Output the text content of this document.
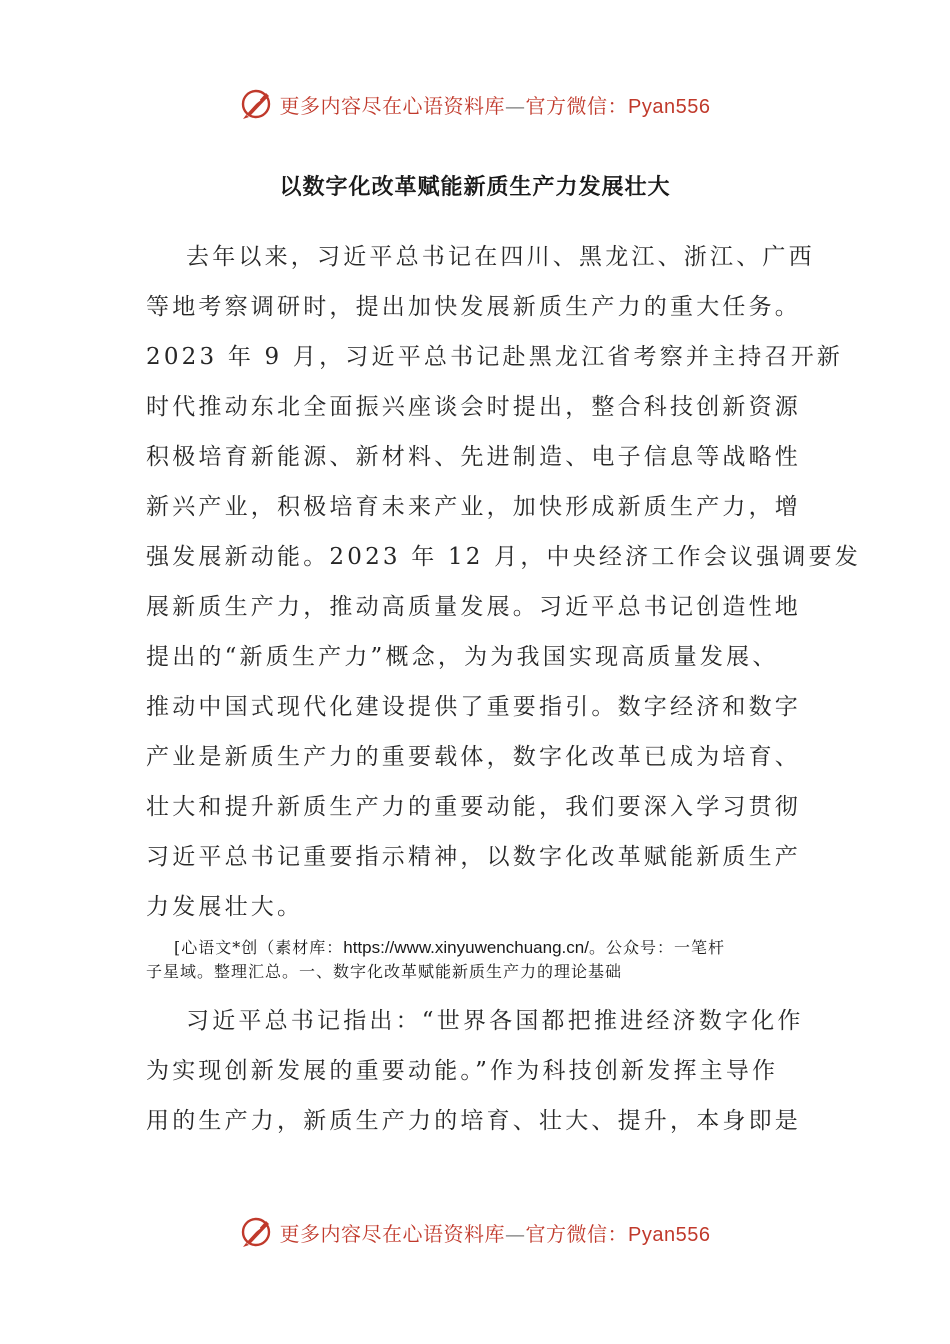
更多内容尽在心语资料库—官方微信：Pyan556
以数字化改革赋能新质生产力发展壮大
去年以来，习近平总书记在四川、黑龙江、浙江、广西
等地考察调研时，提出加快发展新质生产力的重大任务。
2023 年 9 月，习近平总书记赴黑龙江省考察并主持召开新
时代推动东北全面振兴座谈会时提出，整合科技创新资源
积极培育新能源、新材料、先进制造、电子信息等战略性
新兴产业，积极培育未来产业，加快形成新质生产力，增
强发展新动能。2023 年 12 月，中央经济工作会议强调要发
展新质生产力，推动高质量发展。习近平总书记创造性地
提出的“新质生产力”概念，为为我国实现高质量发展、
推动中国式现代化建设提供了重要指引。数字经济和数字
产业是新质生产力的重要载体，数字化改革已成为培育、
壮大和提升新质生产力的重要动能，我们要深入学习贯彻
习近平总书记重要指示精神，以数字化改革赋能新质生产
力发展壮大。
[心语文*创（素材库：https://www.xinyuwenchuang.cn/。公众号：一笔杆
子星域。整理汇总。一、数字化改革赋能新质生产力的理论基础
习近平总书记指出：“世界各国都把推进经济数字化作
为实现创新发展的重要动能。”作为科技创新发挥主导作
用的生产力，新质生产力的培育、壮大、提升，本身即是
更多内容尽在心语资料库—官方微信：Pyan556
